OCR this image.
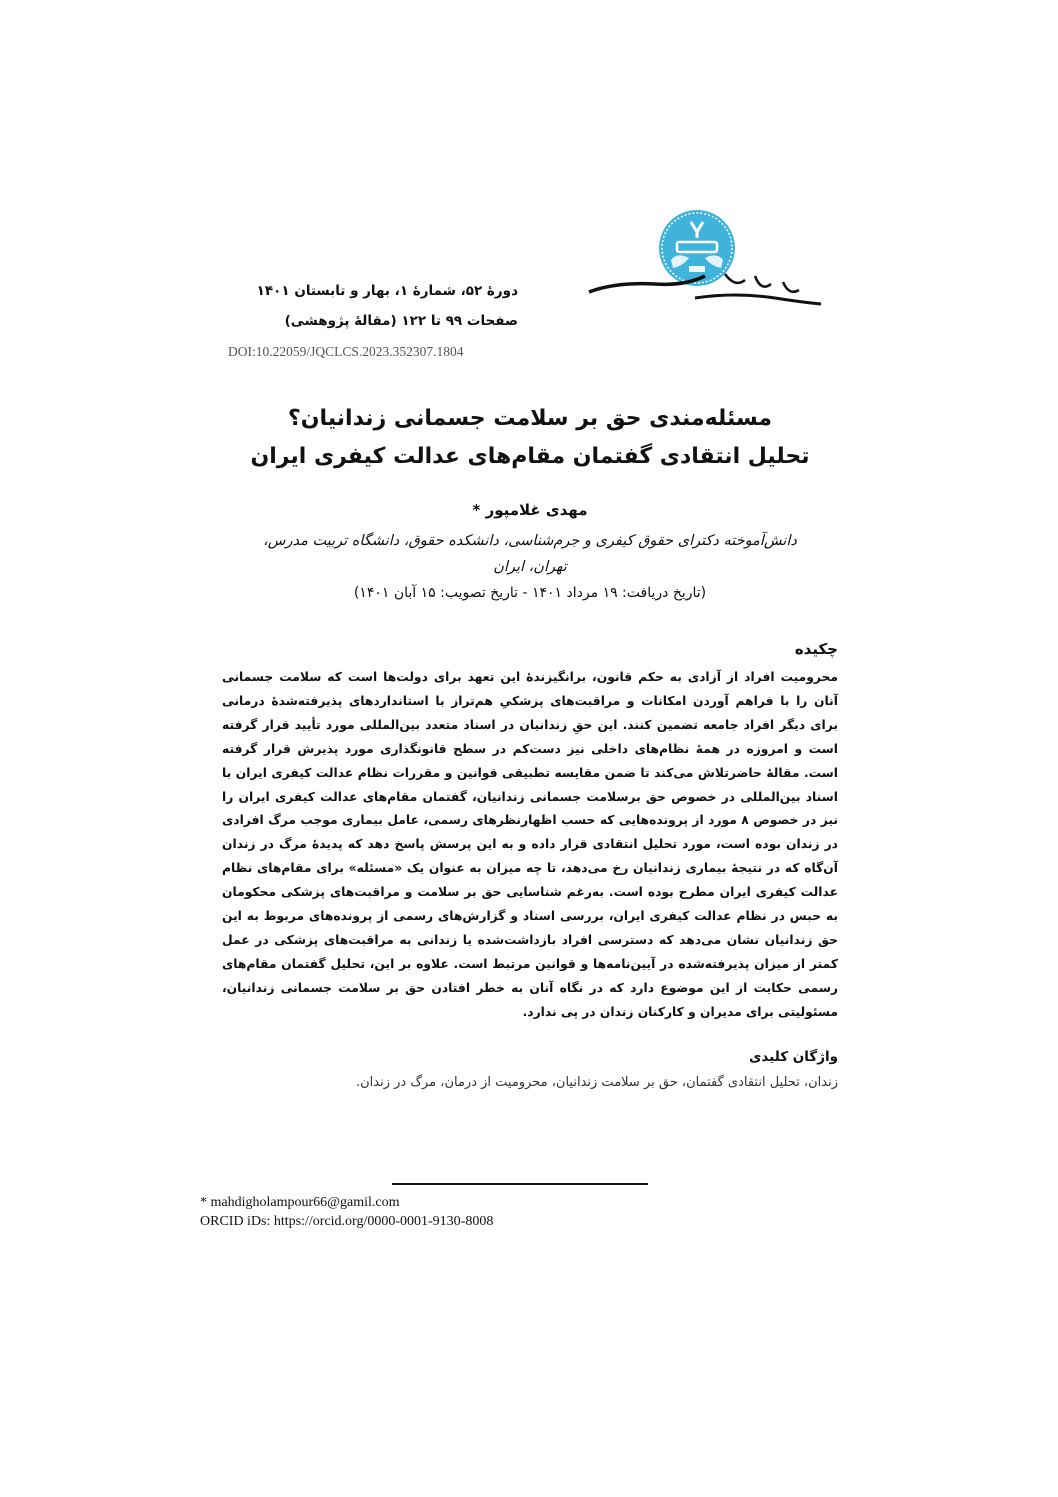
دورهٔ ۵۲، شمارهٔ ۱، بهار و تابستان ۱۴۰۱
صفحات ۹۹ تا ۱۲۲ (مقالهٔ پژوهشی)
DOI:10.22059/JQCLCS.2023.352307.1804
مسئله‌مندی حق بر سلامت جسمانی زندانیان؟
تحلیل انتقادی گفتمان مقام‌های عدالت کیفری ایران
مهدی غلامپور *
دانش‌آموخته دکترای حقوق کیفری و جرم‌شناسی، دانشکده حقوق، دانشگاه تربیت مدرس،
تهران، ایران
(تاریخ دریافت: ۱۹ مرداد ۱۴۰۱ - تاریخ تصویب: ۱۵ آبان ۱۴۰۱)
چکیده
محرومیت افراد از آزادی به حکم قانون، برانگیزندهٔ این تعهد برای دولت‌ها است که سلامت جسمانی آنان را با فراهم آوردن امکانات و مراقبت‌های پزشکیِ هم‌تراز با استانداردهای پذیرفته‌شدهٔ درمانی برای دیگر افراد جامعه تضمین کنند. این حقِ زندانیان در اسناد متعدد بین‌المللی مورد تأیید قرار گرفته است و امروزه در همهٔ نظام‌های داخلی نیز دست‌کم در سطح قانونگذاری مورد پذیرش قرار گرفته است. مقالهٔ حاضرتلاش می‌کند تا ضمن مقایسه تطبیقی قوانین و مقررات نظام عدالت کیفری ایران با اسناد بین‌المللی در خصوص حق برسلامت جسمانی زندانیان، گفتمان مقام‌های عدالت کیفری ایران را نیز در خصوص ۸ مورد از پرونده‌هایی که حسب اظهارنظرهای رسمی، عامل بیماری موجب مرگ افرادی در زندان بوده است، مورد تحلیل انتقادی قرار داده و به این پرسش پاسخ دهد که پدیدهٔ مرگ در زندان آن‌گاه که در نتیجهٔ بیماری زندانیان رخ می‌دهد، تا چه میزان به عنوان یک «مسئله» برای مقام‌های نظام عدالت کیفری ایران مطرح بوده است. به‌رغم شناسایی حق بر سلامت و مراقبت‌های پزشکی محکومان به حبس در نظام عدالت کیفری ایران، بررسی اسناد و گزارش‌های رسمی از پرونده‌های مربوط به این حق زندانیان نشان می‌دهد که دسترسی افراد بازداشت‌شده یا زندانی به مراقبت‌های پزشکی در عمل کمتر از میزان پذیرفته‌شده در آیین‌نامه‌ها و قوانین مرتبط است. علاوه بر این، تحلیل گفتمان مقام‌های رسمی حکایت از این موضوع دارد که در نگاه آنان به خطر افتادن حق بر سلامت جسمانی زندانیان، مسئولیتی برای مدیران و کارکنان زندان در پی ندارد.
واژگان کلیدی
زندان، تحلیل انتقادی گفتمان، حق بر سلامت زندانیان، محرومیت از درمان، مرگ در زندان.
* mahdigholampour66@gamil.com
ORCID iDs: https://orcid.org/0000-0001-9130-8008
